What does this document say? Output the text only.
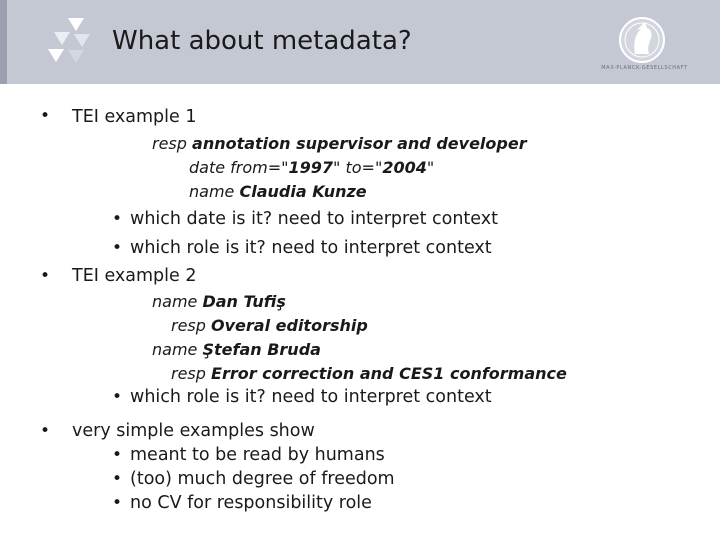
What about metadata?
MAX-PLANCK-GESELLSCHAFT
• TEI example 1
resp annotation supervisor and developer
date from="1997" to="2004"
name Claudia Kunze
• which date is it? need to interpret context
• which role is it? need to interpret context
• TEI example 2
name Dan Tufiş
resp Overal editorship
name Ştefan Bruda
resp Error correction and CES1 conformance
• which role is it? need to interpret context
• very simple examples show
• meant to be read by humans
• (too) much degree of freedom
• no CV for responsibility role
